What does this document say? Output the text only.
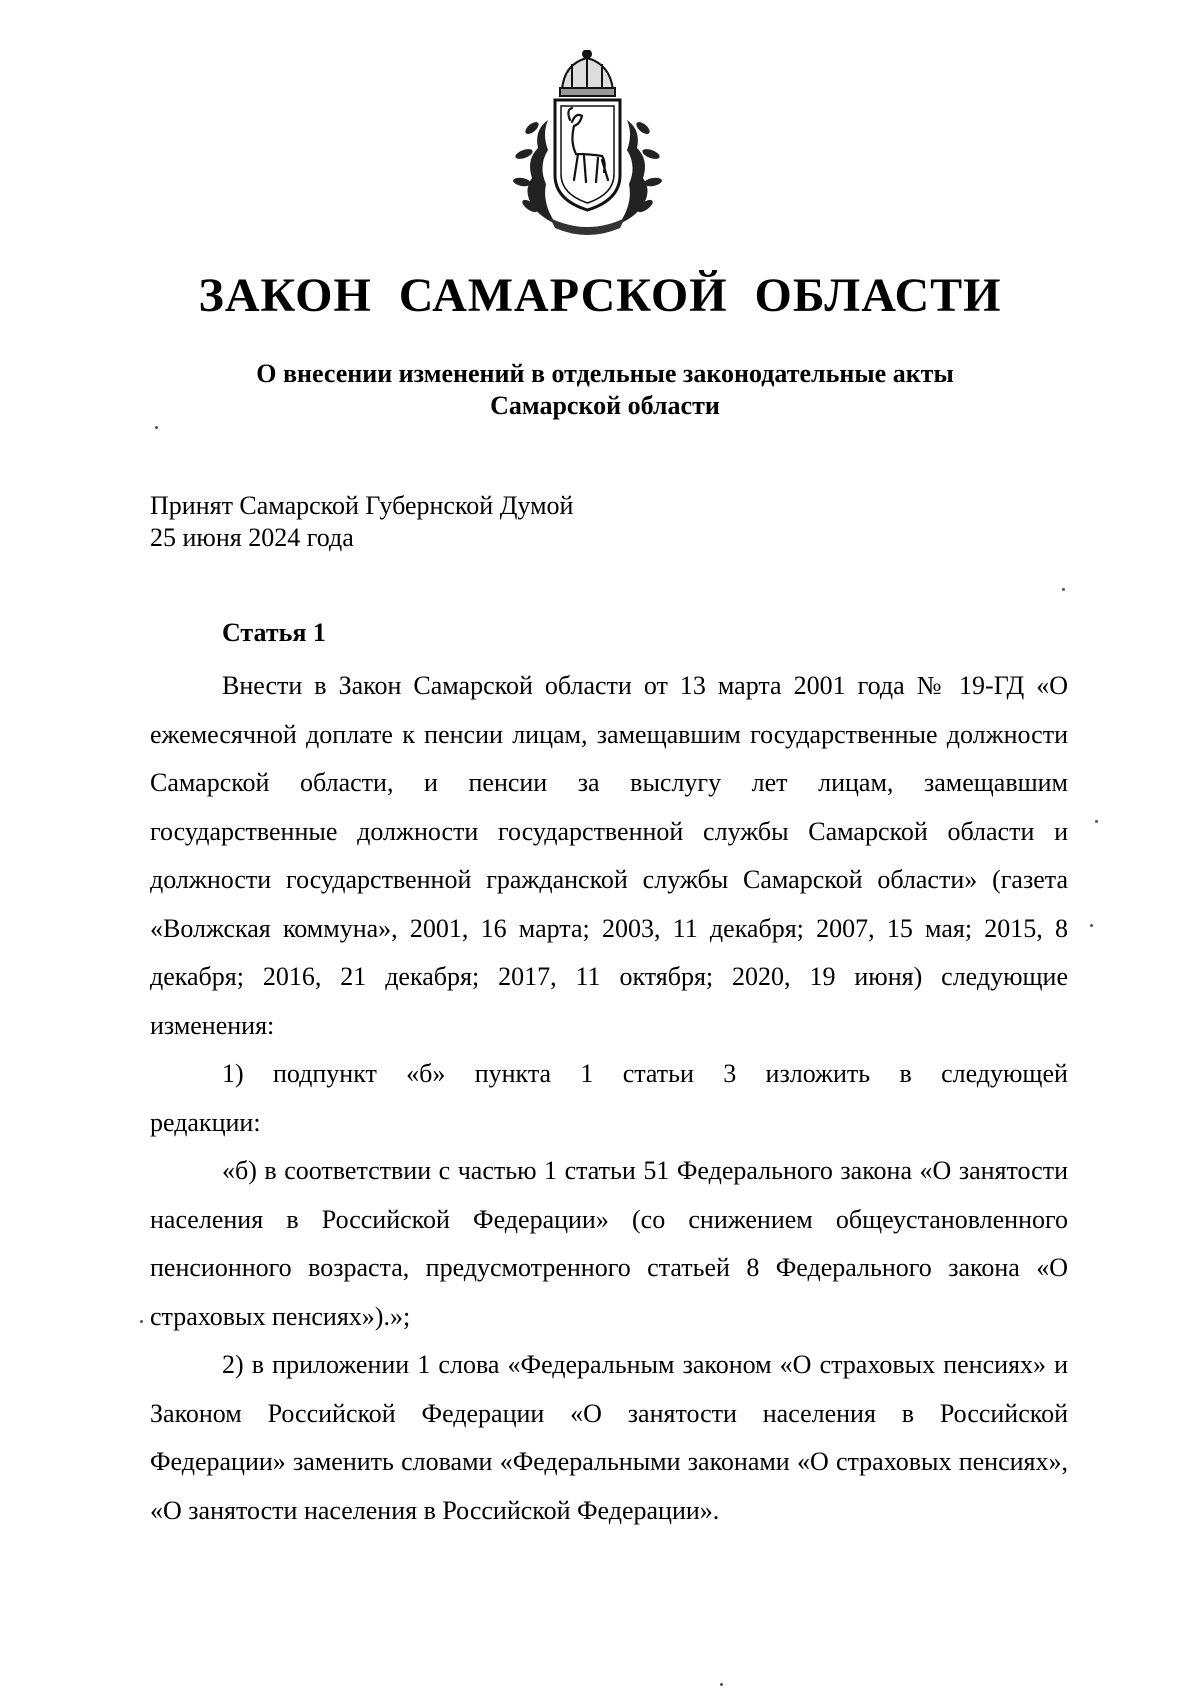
ЗАКОН САМАРСКОЙ ОБЛАСТИ
О внесении изменений в отдельные законодательные акты
Самарской области
Принят Самарской Губернской Думой
25 июня 2024 года
Статья 1

Внести в Закон Самарской области от 13 марта 2001 года № 19-ГД «О ежемесячной доплате к пенсии лицам, замещавшим государственные должности Самарской области, и пенсии за выслугу лет лицам, замещавшим государственные должности государственной службы Самарской области и должности государственной гражданской службы Самарской области» (газета «Волжская коммуна», 2001, 16 марта; 2003, 11 декабря; 2007, 15 мая; 2015, 8 декабря; 2016, 21 декабря; 2017, 11 октября; 2020, 19 июня) следующие изменения:

1) подпункт «б» пункта 1 статьи 3 изложить в следующей

редакции:

«б) в соответствии с частью 1 статьи 51 Федерального закона «О занятости населения в Российской Федерации» (со снижением общеустановленного пенсионного возраста, предусмотренного статьей 8 Федерального закона «О страховых пенсиях»).»;

2) в приложении 1 слова «Федеральным законом «О страховых пенсиях» и Законом Российской Федерации «О занятости населения в Российской Федерации» заменить словами «Федеральными законами «О страховых пенсиях», «О занятости населения в Российской Федерации».
